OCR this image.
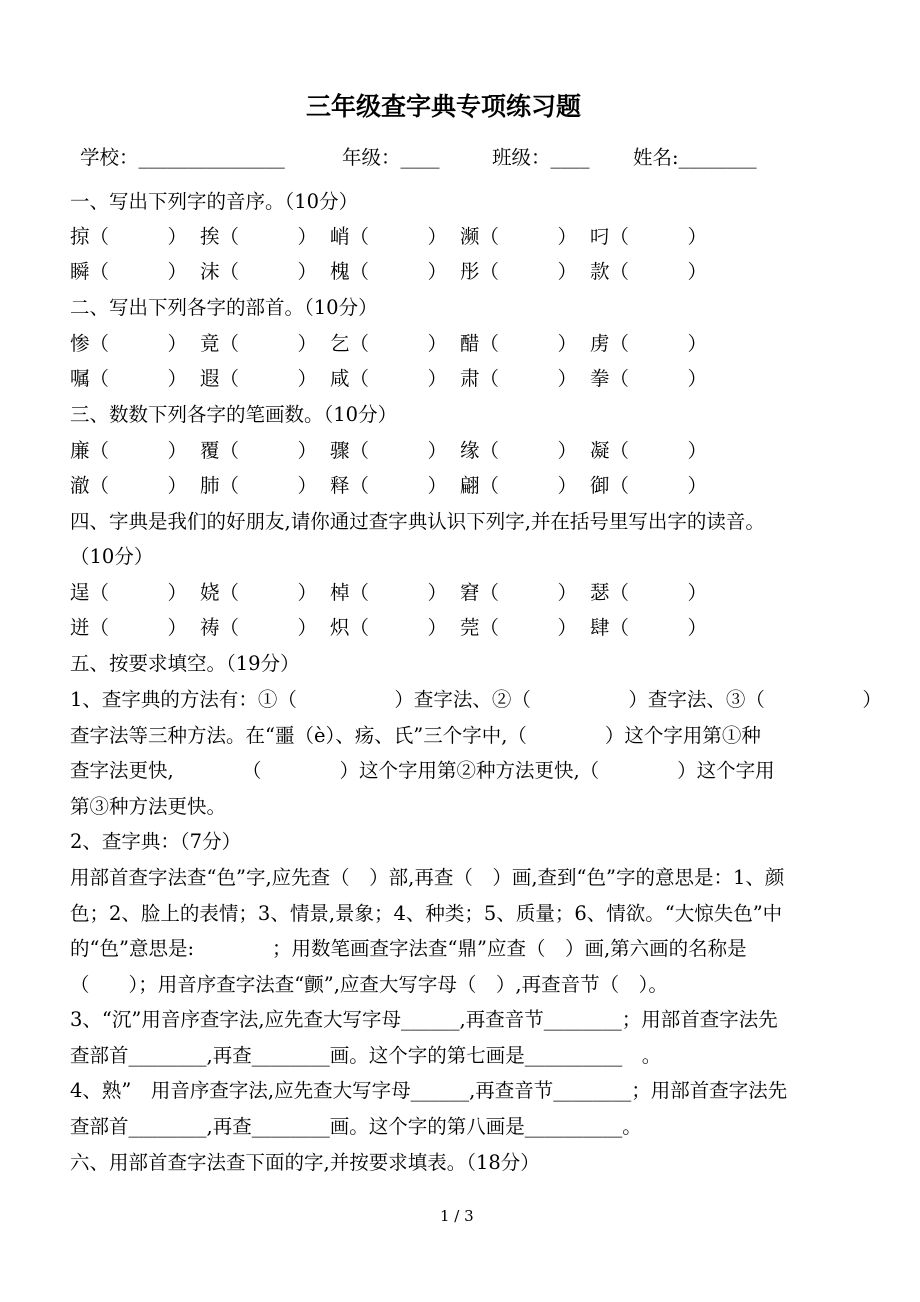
三年级查字典专项练习题
学校：_______________	年级：____	班级：____ 姓名:________
一、写出下列字的音序。（10分）
掠（　　　） 挨（　　　） 峭（　　　） 濒（　　　） 叼（　　　）
瞬（　　　） 沫（　　　） 槐（　　　） 彤（　　　） 款（　　　）
二、写出下列各字的部首。（10分）
惨（　　　） 竟（　　　） 乞（　　　） 醋（　　　） 虏（　　　）
嘱（　　　） 遐（　　　） 咸（　　　） 肃（　　　） 拳（　　　）
三、数数下列各字的笔画数。（10分）
廉（　　　） 覆（　　　） 骤（　　　） 缘（　　　） 凝（　　　）
澈（　　　） 肺（　　　） 释（　　　） 翩（　　　） 御（　　　）
四、字典是我们的好朋友,请你通过查字典认识下列字,并在括号里写出字的读音。
（10分）
逞（　　　） 娆（　　　） 棹（　　　） 窘（　　　） 瑟（　　　）
迸（　　　） 祷（　　　） 炽（　　　） 莞（　　　） 肆（　　　）
五、按要求填空。（19分）
1、查字典的方法有：①（　　　　　）查字法、②（　　　　　）查字法、③（　　　　　）
查字法等三种方法。在“噩（è）、疡、氏”三个字中,（　　　　）这个字用第①种
查字法更快,　　　　（　　　　）这个字用第②种方法更快,（　　　　）这个字用
第③种方法更快。
2、查字典：（7分）
用部首查字法查“色”字,应先查（　）部,再查（　）画,查到“色”字的意思是：1、颜
色；2、脸上的表情；3、情景,景象；4、种类；5、质量；6、情欲。“大惊失色”中
的“色”意思是:　　　　；用数笔画查字法查“鼎”应查（　）画,第六画的名称是
（　　）；用音序查字法查“颤”,应查大写字母（　）,再查音节（　）。
3、“沉”用音序查字法,应先查大写字母______,再查音节________；用部首查字法先
查部首________,再查________画。这个字的第七画是__________　。
4、熟”　用音序查字法,应先查大写字母______,再查音节________；用部首查字法先
查部首________,再查________画。这个字的第八画是__________。
六、用部首查字法查下面的字,并按要求填表。（18分）
1 / 3
